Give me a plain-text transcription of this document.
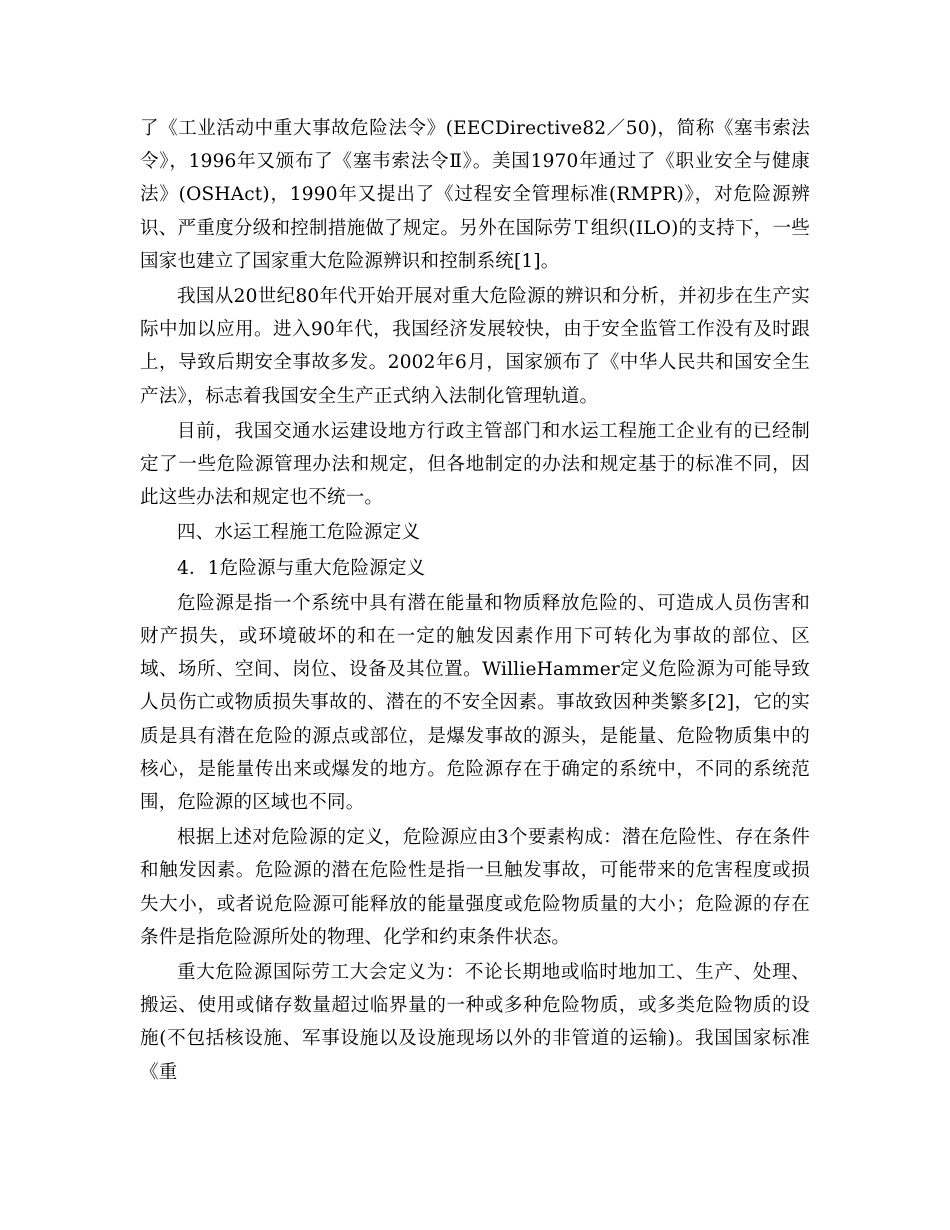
了《工业活动中重大事故危险法令》(EECDirective82／50)，简称《塞韦索法令》，1996年又颁布了《塞韦索法令Ⅱ》。美国1970年通过了《职业安全与健康法》(OSHAct)，1990年又提出了《过程安全管理标准(RMPR)》，对危险源辨识、严重度分级和控制措施做了规定。另外在国际劳Ｔ组织(ILO)的支持下，一些国家也建立了国家重大危险源辨识和控制系统[1]。

我国从20世纪80年代开始开展对重大危险源的辨识和分析，并初步在生产实际中加以应用。进入90年代，我国经济发展较快，由于安全监管工作没有及时跟上，导致后期安全事故多发。2002年6月，国家颁布了《中华人民共和国安全生产法》，标志着我国安全生产正式纳入法制化管理轨道。

目前，我国交通水运建设地方行政主管部门和水运工程施工企业有的已经制定了一些危险源管理办法和规定，但各地制定的办法和规定基于的标准不同，因此这些办法和规定也不统一。

四、水运工程施工危险源定义

4．1危险源与重大危险源定义

危险源是指一个系统中具有潜在能量和物质释放危险的、可造成人员伤害和财产损失，或环境破坏的和在一定的触发因素作用下可转化为事故的部位、区域、场所、空间、岗位、设备及其位置。WillieHammer定义危险源为可能导致人员伤亡或物质损失事故的、潜在的不安全因素。事故致因种类繁多[2]，它的实质是具有潜在危险的源点或部位，是爆发事故的源头，是能量、危险物质集中的核心，是能量传出来或爆发的地方。危险源存在于确定的系统中，不同的系统范围，危险源的区域也不同。

根据上述对危险源的定义，危险源应由3个要素构成：潜在危险性、存在条件和触发因素。危险源的潜在危险性是指一旦触发事故，可能带来的危害程度或损失大小，或者说危险源可能释放的能量强度或危险物质量的大小；危险源的存在条件是指危险源所处的物理、化学和约束条件状态。

重大危险源国际劳工大会定义为：不论长期地或临时地加工、生产、处理、搬运、使用或储存数量超过临界量的一种或多种危险物质，或多类危险物质的设施(不包括核设施、军事设施以及设施现场以外的非管道的运输)。我国国家标准《重
